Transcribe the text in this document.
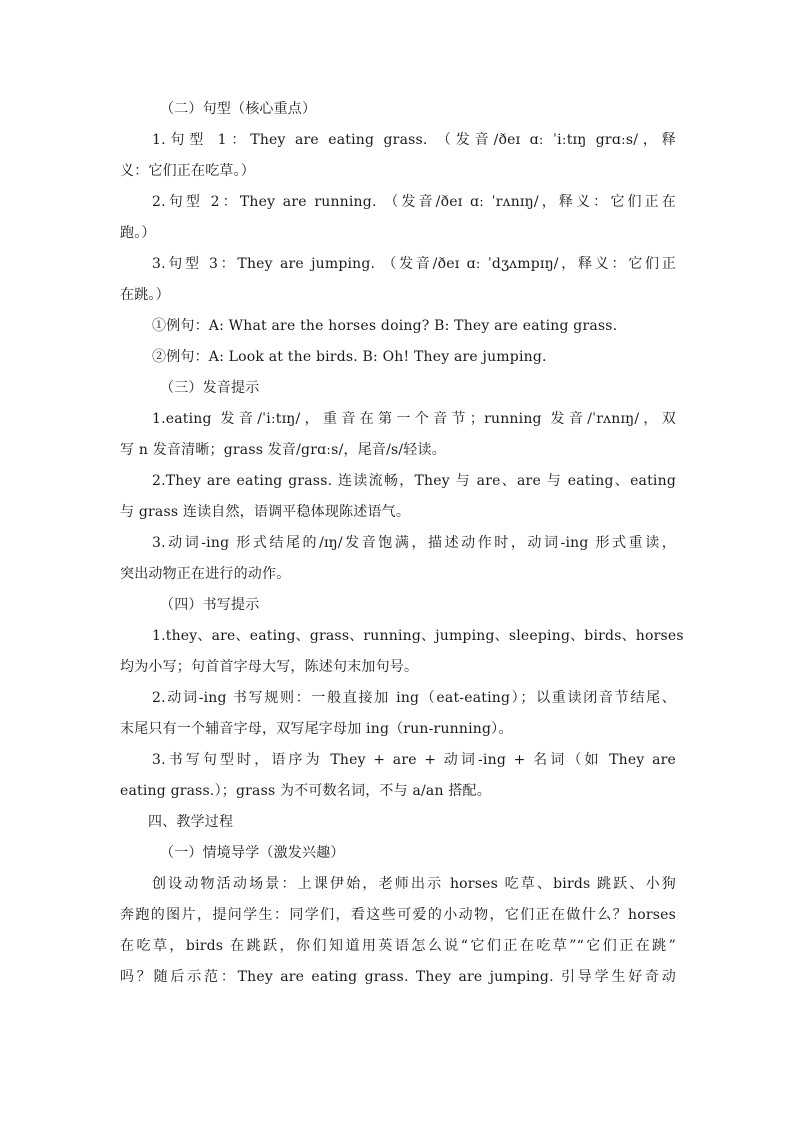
（二）句型（核心重点）
1.句型 1：They are eating grass. （发音/ðeɪ ɑː ˈiːtɪŋ grɑːs/，释
义：它们正在吃草。）
2.句型 2：They are running. （发音/ðeɪ ɑː ˈrʌnɪŋ/，释义：它们正在
跑。）
3.句型 3：They are jumping. （发音/ðeɪ ɑː ˈdʒʌmpɪŋ/，释义：它们正
在跳。）
①例句：A: What are the horses doing? B: They are eating grass.
②例句：A: Look at the birds. B: Oh! They are jumping.
（三）发音提示
1.eating 发音/ˈiːtɪŋ/，重音在第一个音节；running 发音/ˈrʌnɪŋ/，双
写 n 发音清晰；grass 发音/grɑːs/，尾音/s/轻读。
2.They are eating grass. 连读流畅，They 与 are、are 与 eating、eating
与 grass 连读自然，语调平稳体现陈述语气。
3.动词-ing 形式结尾的/ɪŋ/发音饱满，描述动作时，动词-ing 形式重读，
突出动物正在进行的动作。
（四）书写提示
1.they、are、eating、grass、running、jumping、sleeping、birds、horses
均为小写；句首首字母大写，陈述句末加句号。
2.动词-ing 书写规则：一般直接加 ing（eat-eating）；以重读闭音节结尾、
末尾只有一个辅音字母，双写尾字母加 ing（run-running）。
3.书写句型时，语序为 They + are + 动词-ing + 名词（如 They are
eating grass.）；grass 为不可数名词，不与 a/an 搭配。
四、教学过程
（一）情境导学（激发兴趣）
创设动物活动场景：上课伊始，老师出示 horses 吃草、birds 跳跃、小狗
奔跑的图片，提问学生：同学们，看这些可爱的小动物，它们正在做什么？horses
在吃草，birds 在跳跃，你们知道用英语怎么说“它们正在吃草”“它们正在跳”
吗？随后示范：They are eating grass. They are jumping. 引导学生好奇动
